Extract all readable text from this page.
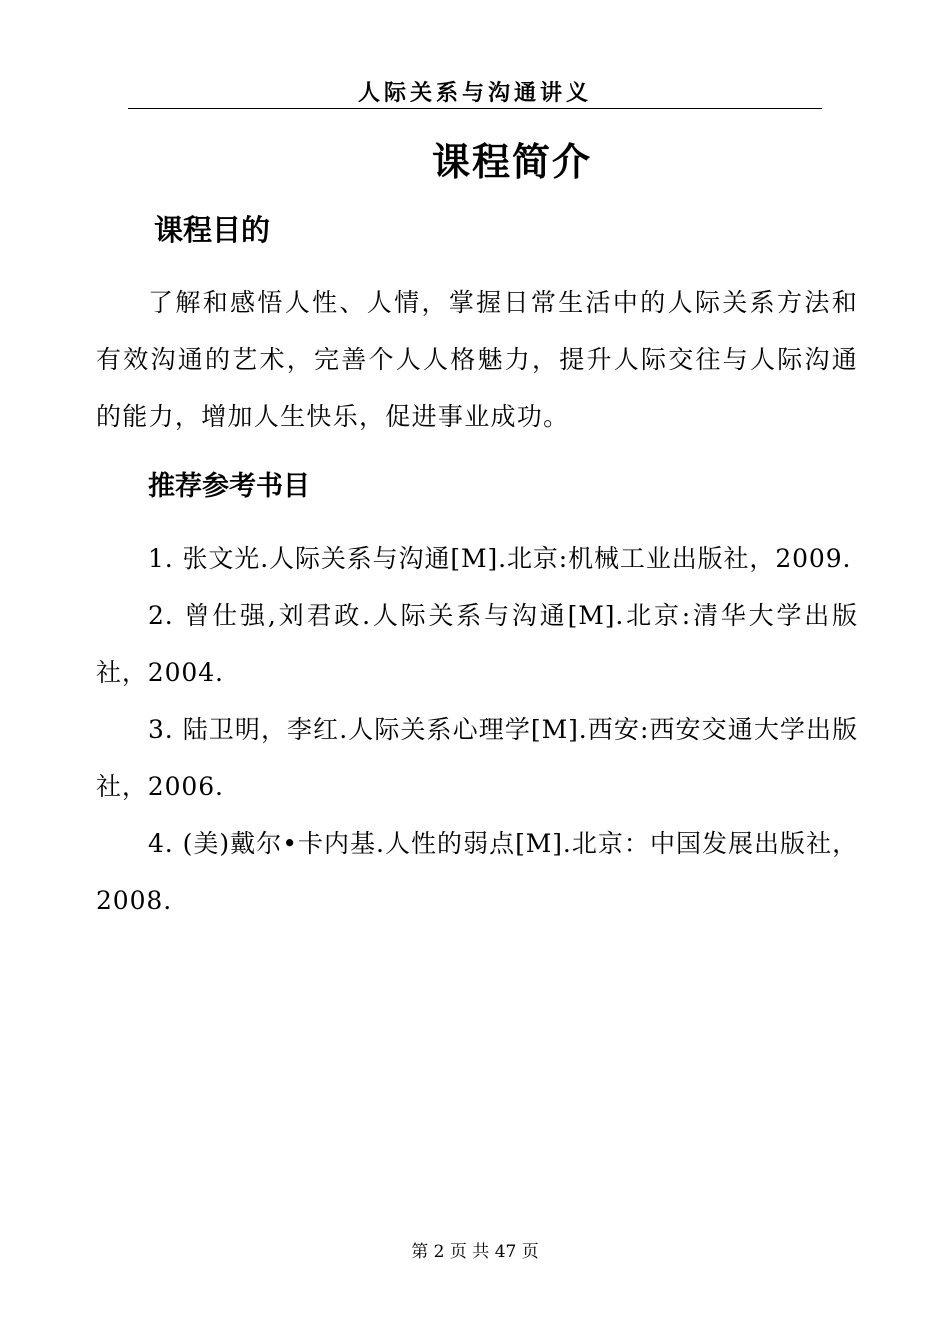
人际关系与沟通讲义
课程简介
课程目的

了解和感悟人性、人情，掌握日常生活中的人际关系方法和有效沟通的艺术，完善个人人格魅力，提升人际交往与人际沟通的能力，增加人生快乐，促进事业成功。

推荐参考书目

1. 张文光.人际关系与沟通[M].北京:机械工业出版社，2009.

2. 曾仕强,刘君政.人际关系与沟通[M].北京:清华大学出版社，2004.

3. 陆卫明，李红.人际关系心理学[M].西安:西安交通大学出版社，2006.

4. (美)戴尔•卡内基.人性的弱点[M].北京：中国发展出版社，2008.

第 2 页 共 47 页
